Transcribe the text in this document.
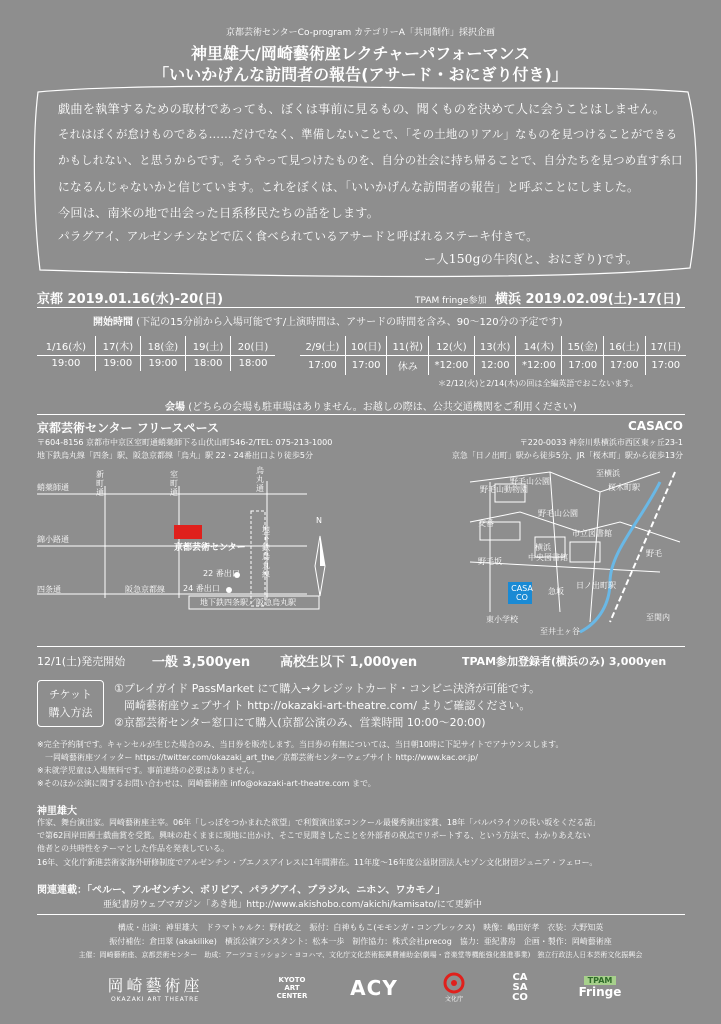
京都芸術センターCo-program カテゴリーA「共同制作」採択企画
神里雄大/岡崎藝術座レクチャーパフォーマンス
「いいかげんな訪問者の報告(アサード・おにぎり付き)」
戯曲を執筆するための取材であっても、ぼくは事前に見るもの、聞くものを決めて人に会うことはしません。
それはぼくが怠けものである……だけでなく、準備しないことで、「その土地のリアル」なものを見つけることができる
かもしれない、と思うからです。そうやって見つけたものを、自分の社会に持ち帰ることで、自分たちを見つめ直す糸口
になるんじゃないかと信じています。これをぼくは、「いいかげんな訪問者の報告」と呼ぶことにしました。
今回は、南米の地で出会った日系移民たちの話をします。
パラグアイ、アルゼンチンなどで広く食べられているアサードと呼ばれるステーキ付きで。
ー人150gの牛肉(と、おにぎり)です。
京都 2019.01.16(水)-20(日)	TPAM fringe参加 横浜 2019.02.09(土)-17(日)
開始時間 (下記の15分前から入場可能です/上演時間は、アサードの時間を含み、90〜120分の予定です)
1/16(水)	17(木)	18(金)	19(土)	20(日)
19:00	19:00	19:00	18:00	18:00
2/9(土)	10(日)	11(祝)	12(火)	13(水)	14(木)	15(金)	16(土)	17(日)
17:00	17:00	休み	*12:00	12:00	*12:00	17:00	17:00	17:00
＊2/12(火)と2/14(木)の回は全編英語でおこないます。
会場 (どちらの会場も駐車場はありません。お越しの際は、公共交通機関をご利用ください)
京都芸術センター フリースペース
〒604-8156 京都市中京区室町通蛸薬師下る山伏山町546-2/TEL: 075-213-1000
地下鉄烏丸線「四条」駅、阪急京都線「烏丸」駅 22・24番出口より徒歩5分
CASACO
〒220-0033 神奈川県横浜市西区東ヶ丘23-1
京急「日ノ出町」駅から徒歩5分、JR「桜木町」駅から徒歩13分
蛸薬師通
錦小路通
四条通
新町通
室町通
烏丸通
地下鉄烏丸線
阪急京都線
京都芸術センター
22 番出口
24 番出口
地下鉄四条駅／阪急烏丸駅
N
野毛山公園
野毛山動物園
至横浜
桜木町駅
交番
野毛山公園
横浜
市立図書館
中央図書館
野毛坂
急坂
CASA CO
日ノ出町駅
東小学校
至井土ヶ谷
至関内
野毛
12/1(土)発売開始 一般 3,500yen 高校生以下 1,000yen	TPAM参加登録者(横浜のみ) 3,000yen
チケット
購入方法
①プレイガイド PassMarket にて購入→クレジットカード・コンビニ決済が可能です。
岡崎藝術座ウェブサイト http://okazaki-art-theatre.com/ よりご確認ください。
②京都芸術センター窓口にて購入(京都公演のみ、営業時間 10:00〜20:00)
※完全予約制です。キャンセルが生じた場合のみ、当日券を販売します。当日券の有無については、当日朝10時に下記サイトでアナウンスします。
　一岡崎藝術座ツイッター https://twitter.com/okazaki_art_the／京都芸術センターウェブサイト http://www.kac.or.jp/
※未就学児童は入場無料です。事前連絡の必要はありません。
※そのほか公演に関するお問い合わせは、岡崎藝術座 info@okazaki-art-theatre.com まで。
神里雄大
作家、舞台演出家。岡崎藝術座主宰。06年「しっぽをつかまれた欲望」で利賀演出家コンクール最優秀演出家賞、18年「バルパライソの長い坂をくだる話」
で第62回岸田國士戯曲賞を受賞。興味の赴くままに現地に出かけ、そこで見聞きしたことを外部者の視点でリポートする、という方法で、わかりあえない
他者との共時性をテーマとした作品を発表している。
16年、文化庁新進芸術家海外研修制度でアルゼンチン・ブエノスアイレスに1年間滞在。11年度〜16年度公益財団法人セゾン文化財団ジュニア・フェロー。
関連連載：「ペルー、アルゼンチン、ボリビア、パラグアイ、ブラジル、ニホン、ワカモノ」
亜紀書房ウェブマガジン「あき地」http://www.akishobo.com/akichi/kamisato/にて更新中
構成・出演：神里雄大　ドラマトゥルク：野村政之　振付：白神ももこ(モモンガ・コンプレックス)　映像：嶋田好孝　衣装：大野知英
振付補佐：倉田翠 (akakilike)　横浜公演アシスタント：松本一歩　制作協力：株式会社precog　協力：亜紀書房　企画・製作：岡崎藝術座
主催：岡崎藝術座、京都芸術センター　助成：アーツコミッション・ヨコハマ、文化庁文化芸術振興費補助金(劇場・音楽堂等機能強化推進事業)　独立行政法人日本芸術文化振興会
岡崎藝術座
OKAZAKI ART THEATRE
KYOTO
ART
CENTER ACY	文化庁
CA
SA
CO
TPAM
Fringe
